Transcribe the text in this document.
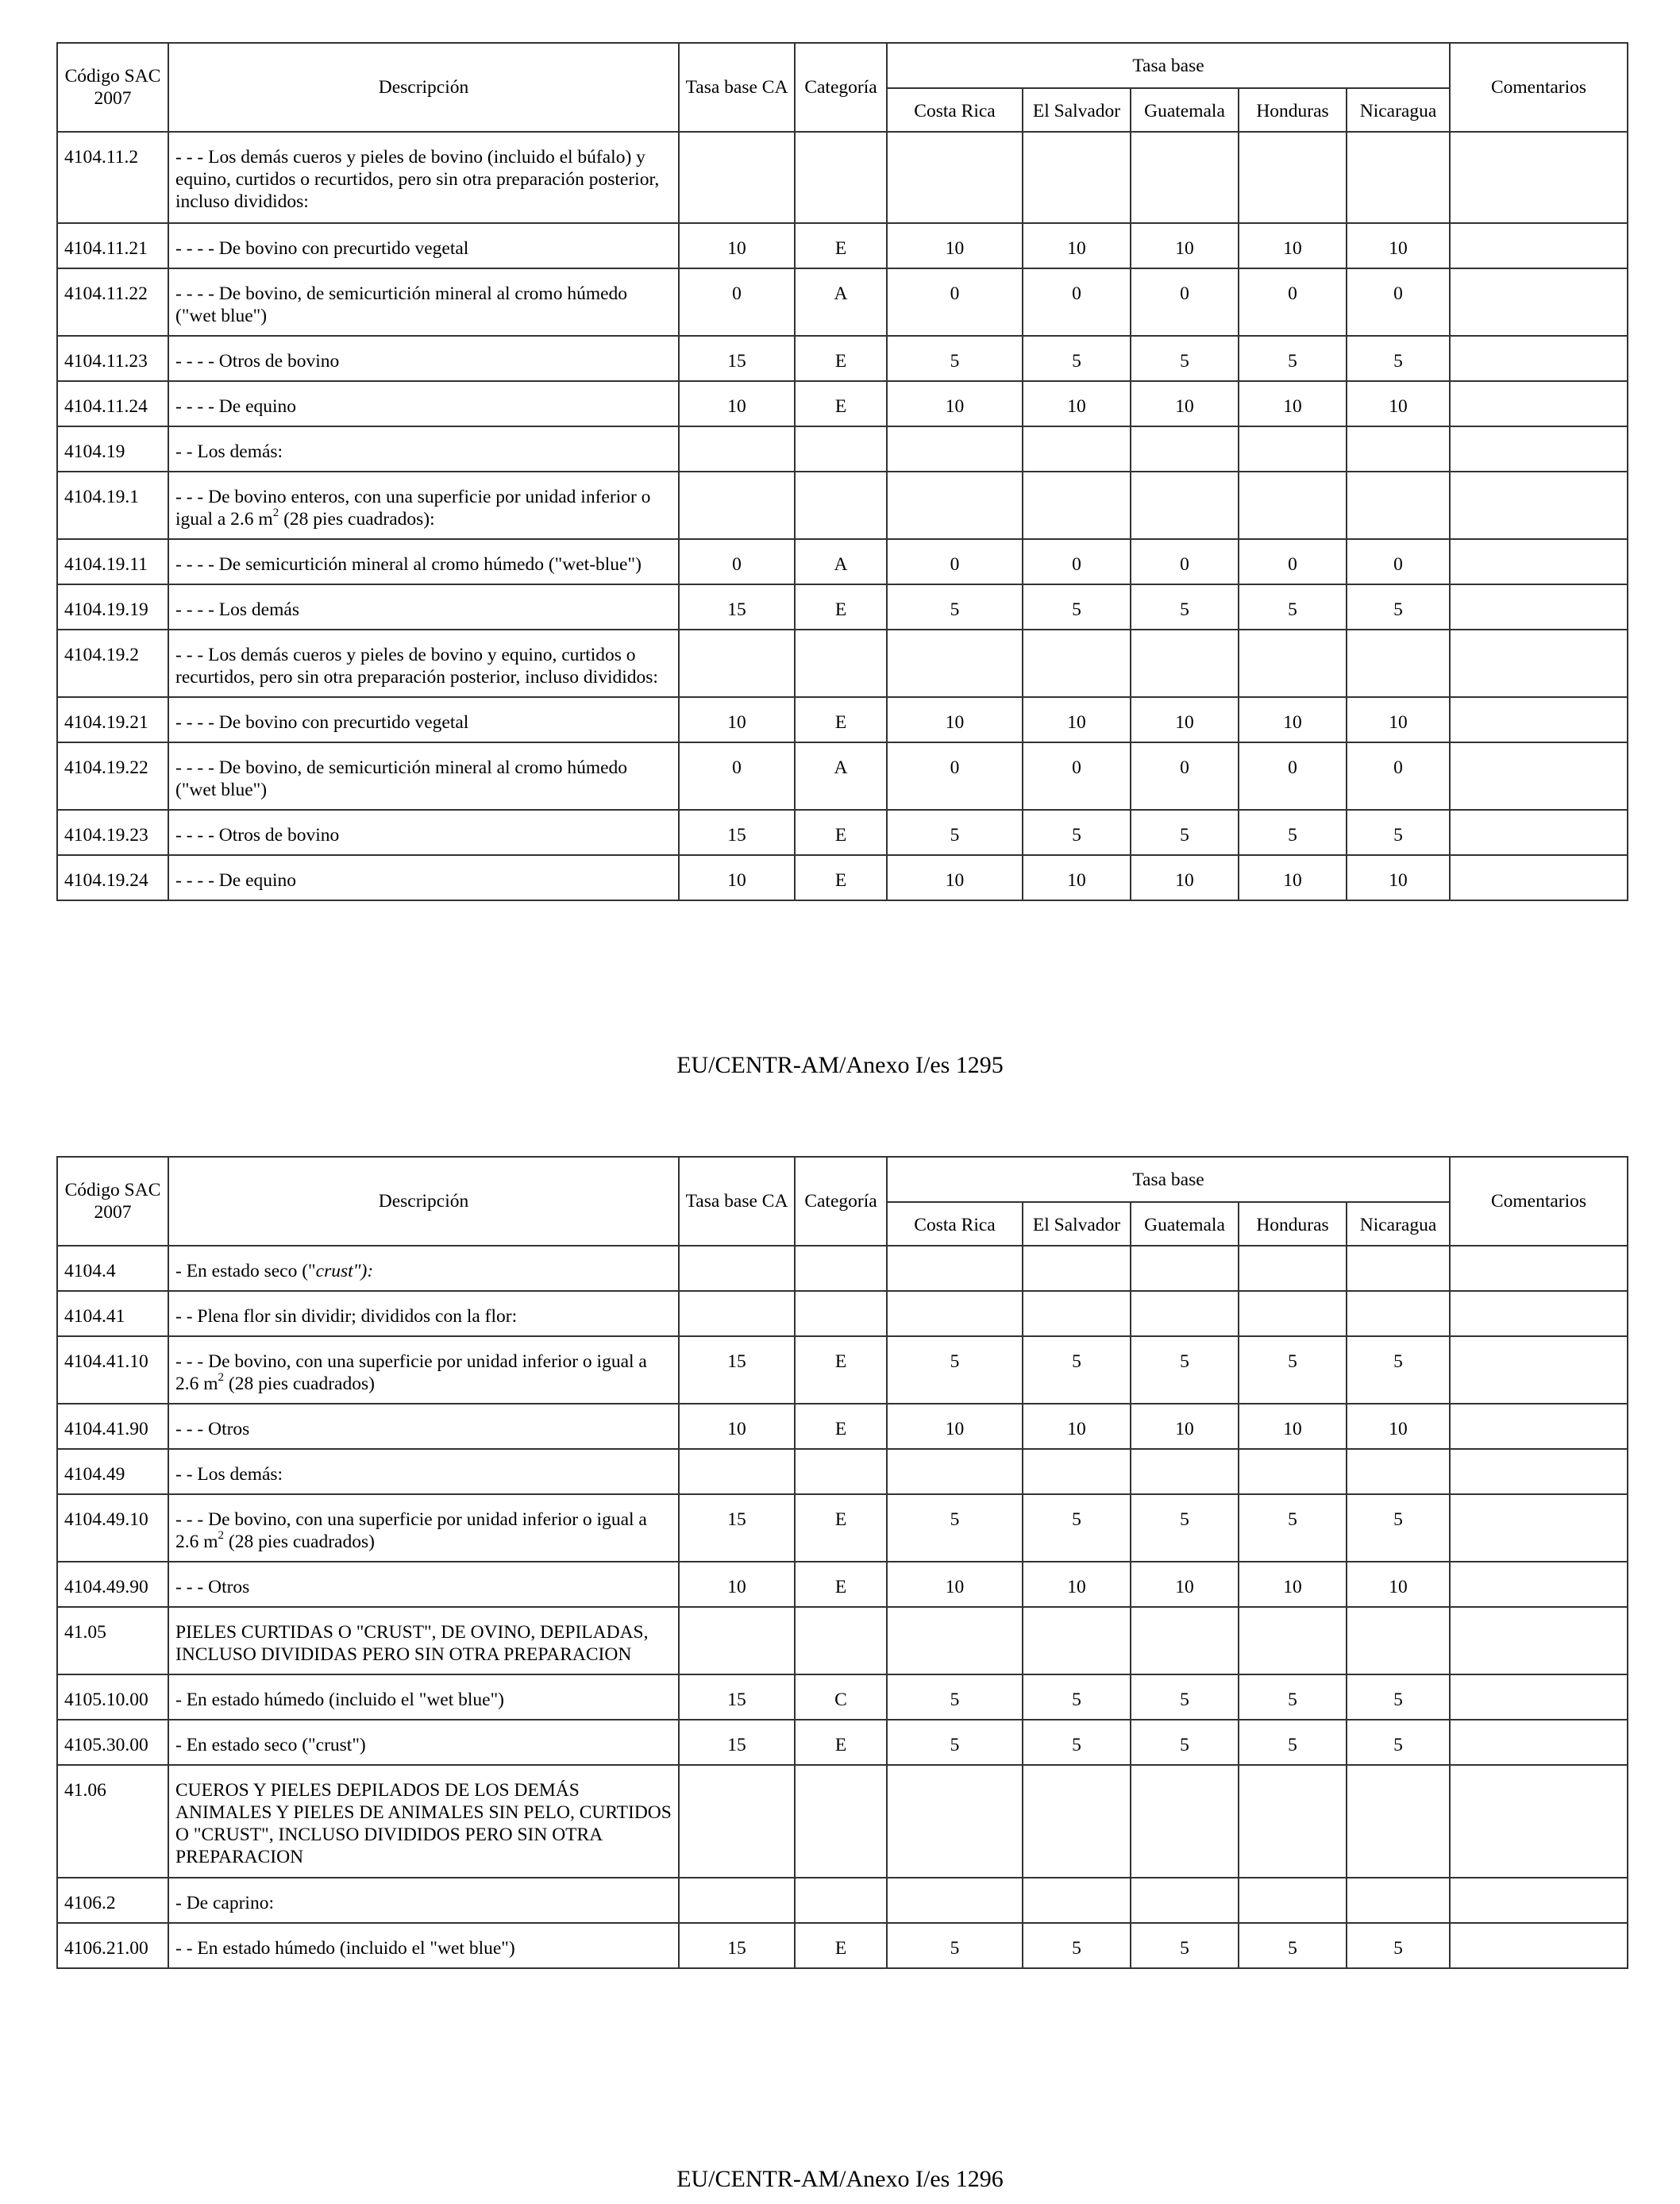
Código SAC 2007	Descripción	Tasa base CA	Categoría	Tasa base					Comentarios
				Costa Rica	El Salvador	Guatemala	Honduras	Nicaragua	
4104.11.2	- - - Los demás cueros y pieles de bovino (incluido el búfalo) y equino, curtidos o recurtidos, pero sin otra preparación posterior, incluso divididos:								
4104.11.21	- - - - De bovino con precurtido vegetal	10	E	10	10	10	10	10	
4104.11.22	- - - - De bovino, de semicurtición mineral al cromo húmedo ("wet blue")	0	A	0	0	0	0	0	
4104.11.23	- - - - Otros de bovino	15	E	5	5	5	5	5	
4104.11.24	- - - - De equino	10	E	10	10	10	10	10	
4104.19	- - Los demás:								
4104.19.1	- - - De bovino enteros, con una superficie por unidad inferior o igual a 2.6 $m^2$ (28 pies cuadrados):								
4104.19.11	- - - - De semicurtición mineral al cromo húmedo ("wet-blue")	0	A	0	0	0	0	0	
4104.19.19	- - - - Los demás	15	E	5	5	5	5	5	
4104.19.2	- - - Los demás cueros y pieles de bovino y equino, curtidos o recurtidos, pero sin otra preparación posterior, incluso divididos:								
4104.19.21	- - - - De bovino con precurtido vegetal	10	E	10	10	10	10	10	
4104.19.22	- - - - De bovino, de semicurtición mineral al cromo húmedo ("wet blue")	0	A	0	0	0	0	0	
4104.19.23	- - - - Otros de bovino	15	E	5	5	5	5	5	
4104.19.24	- - - - De equino	10	E	10	10	10	10	10	
EU/CENTR-AM/Anexo I/es 1295
Código SAC 2007	Descripción	Tasa base CA	Categoría	Tasa base					Comentarios
				Costa Rica	El Salvador	Guatemala	Honduras	Nicaragua	
4104.4	- En estado seco ("crust"):								
4104.41	- - Plena flor sin dividir; divididos con la flor:								
4104.41.10	- - - De bovino, con una superficie por unidad inferior o igual a 2.6 $m^2$ (28 pies cuadrados)	15	E	5	5	5	5	5	
4104.41.90	- - - Otros	10	E	10	10	10	10	10	
4104.49	- - Los demás:								
4104.49.10	- - - De bovino, con una superficie por unidad inferior o igual a 2.6 $m^2$ (28 pies cuadrados)	15	E	5	5	5	5	5	
4104.49.90	- - - Otros	10	E	10	10	10	10	10	
41.05	PIELES CURTIDAS O "CRUST", DE OVINO, DEPILADAS, INCLUSO DIVIDIDAS PERO SIN OTRA PREPARACION								
4105.10.00	- En estado húmedo (incluido el "wet blue")	15	C	5	5	5	5	5	
4105.30.00	- En estado seco ("crust")	15	E	5	5	5	5	5	
41.06	CUEROS Y PIELES DEPILADOS DE LOS DEMÁS ANIMALES Y PIELES DE ANIMALES SIN PELO, CURTIDOS O "CRUST", INCLUSO DIVIDIDOS PERO SIN OTRA PREPARACION								
4106.2	- De caprino:								
4106.21.00	- - En estado húmedo (incluido el "wet blue")	15	E	5	5	5	5	5	
EU/CENTR-AM/Anexo I/es 1296
